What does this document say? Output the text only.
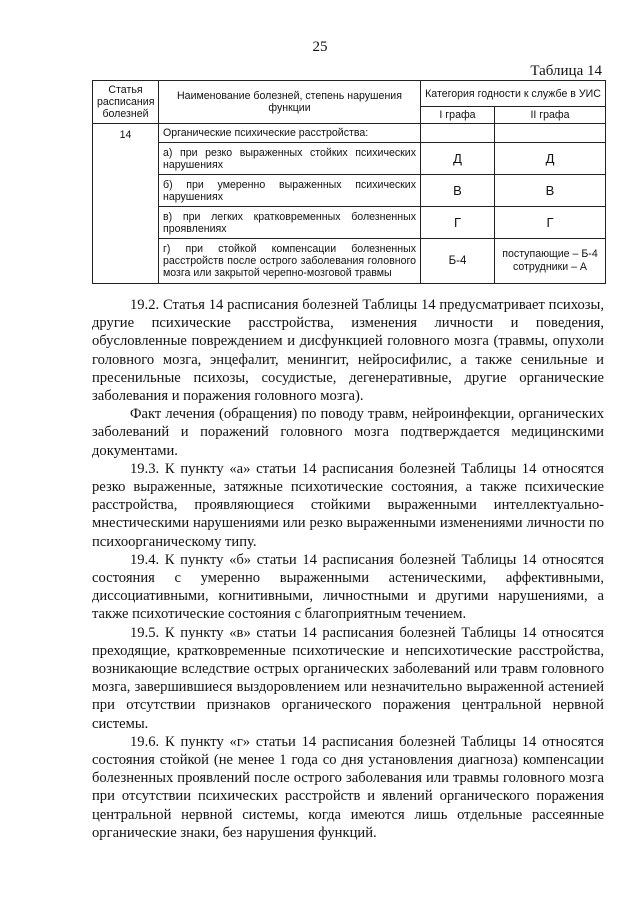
25
Таблица 14
Статья расписания болезней	Наименование болезней, степень нарушения функции	Категория годности к службе в УИС	
		I графа	II графа
14	Органические психические расстройства:		
	а) при резко выраженных стойких психических нарушениях	Д	Д
	б) при умеренно выраженных психических нарушениях	В	В
	в) при легких кратковременных болезненных проявлениях	Г	Г
	г) при стойкой компенсации болезненных расстройств после острого заболевания головного мозга или закрытой черепно-мозговой травмы	Б-4	поступающие – Б-4
сотрудники – А

19.2. Статья 14 расписания болезней Таблицы 14 предусматривает психозы, другие психические расстройства, изменения личности и поведения, обусловленные повреждением и дисфункцией головного мозга (травмы, опухоли головного мозга, энцефалит, менингит, нейросифилис, а также сенильные и пресенильные психозы, сосудистые, дегенеративные, другие органические заболевания и поражения головного мозга).

Факт лечения (обращения) по поводу травм, нейроинфекции, органических заболеваний и поражений головного мозга подтверждается медицинскими документами.

19.3. К пункту «а» статьи 14 расписания болезней Таблицы 14 относятся резко выраженные, затяжные психотические состояния, а также психические расстройства, проявляющиеся стойкими выраженными интеллектуально-мнестическими нарушениями или резко выраженными изменениями личности по психоорганическому типу.

19.4. К пункту «б» статьи 14 расписания болезней Таблицы 14 относятся состояния с умеренно выраженными астеническими, аффективными, диссоциативными, когнитивными, личностными и другими нарушениями, а также психотические состояния с благоприятным течением.

19.5. К пункту «в» статьи 14 расписания болезней Таблицы 14 относятся преходящие, кратковременные психотические и непсихотические расстройства, возникающие вследствие острых органических заболеваний или травм головного мозга, завершившиеся выздоровлением или незначительно выраженной астенией при отсутствии признаков органического поражения центральной нервной системы.

19.6. К пункту «г» статьи 14 расписания болезней Таблицы 14 относятся состояния стойкой (не менее 1 года со дня установления диагноза) компенсации болезненных проявлений после острого заболевания или травмы головного мозга при отсутствии психических расстройств и явлений органического поражения центральной нервной системы, когда имеются лишь отдельные рассеянные органические знаки, без нарушения функций.
